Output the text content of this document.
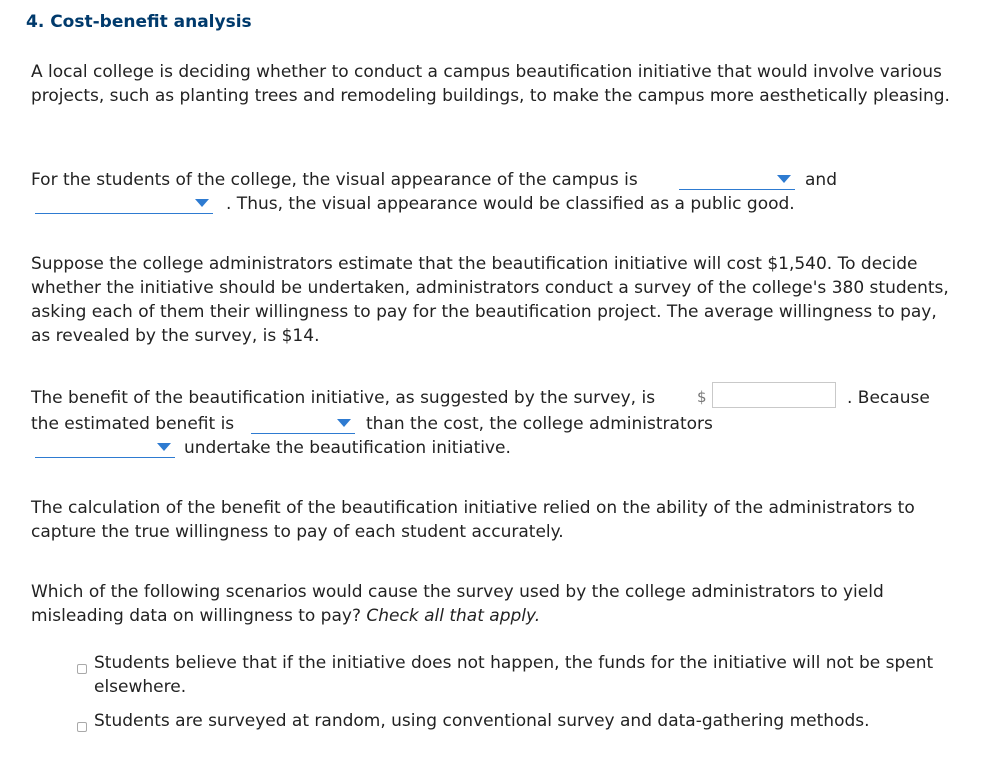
4. Cost-benefit analysis
A local college is deciding whether to conduct a campus beautification initiative that would involve various projects, such as planting trees and remodeling buildings, to make the campus more aesthetically pleasing.
For the students of the college, the visual appearance of the campus is	and
. Thus, the visual appearance would be classified as a public good.
Suppose the college administrators estimate that the beautification initiative will cost $1,540. To decide whether the initiative should be undertaken, administrators conduct a survey of the college's 380 students, asking each of them their willingness to pay for the beautification project. The average willingness to pay, as revealed by the survey, is $14.
The benefit of the beautification initiative, as suggested by the survey, is	$	. Because
the estimated benefit is	than the cost, the college administrators
undertake the beautification initiative.
The calculation of the benefit of the beautification initiative relied on the ability of the administrators to capture the true willingness to pay of each student accurately.
Which of the following scenarios would cause the survey used by the college administrators to yield misleading data on willingness to pay? Check all that apply.
Students believe that if the initiative does not happen, the funds for the initiative will not be spent elsewhere.
Students are surveyed at random, using conventional survey and data-gathering methods.
